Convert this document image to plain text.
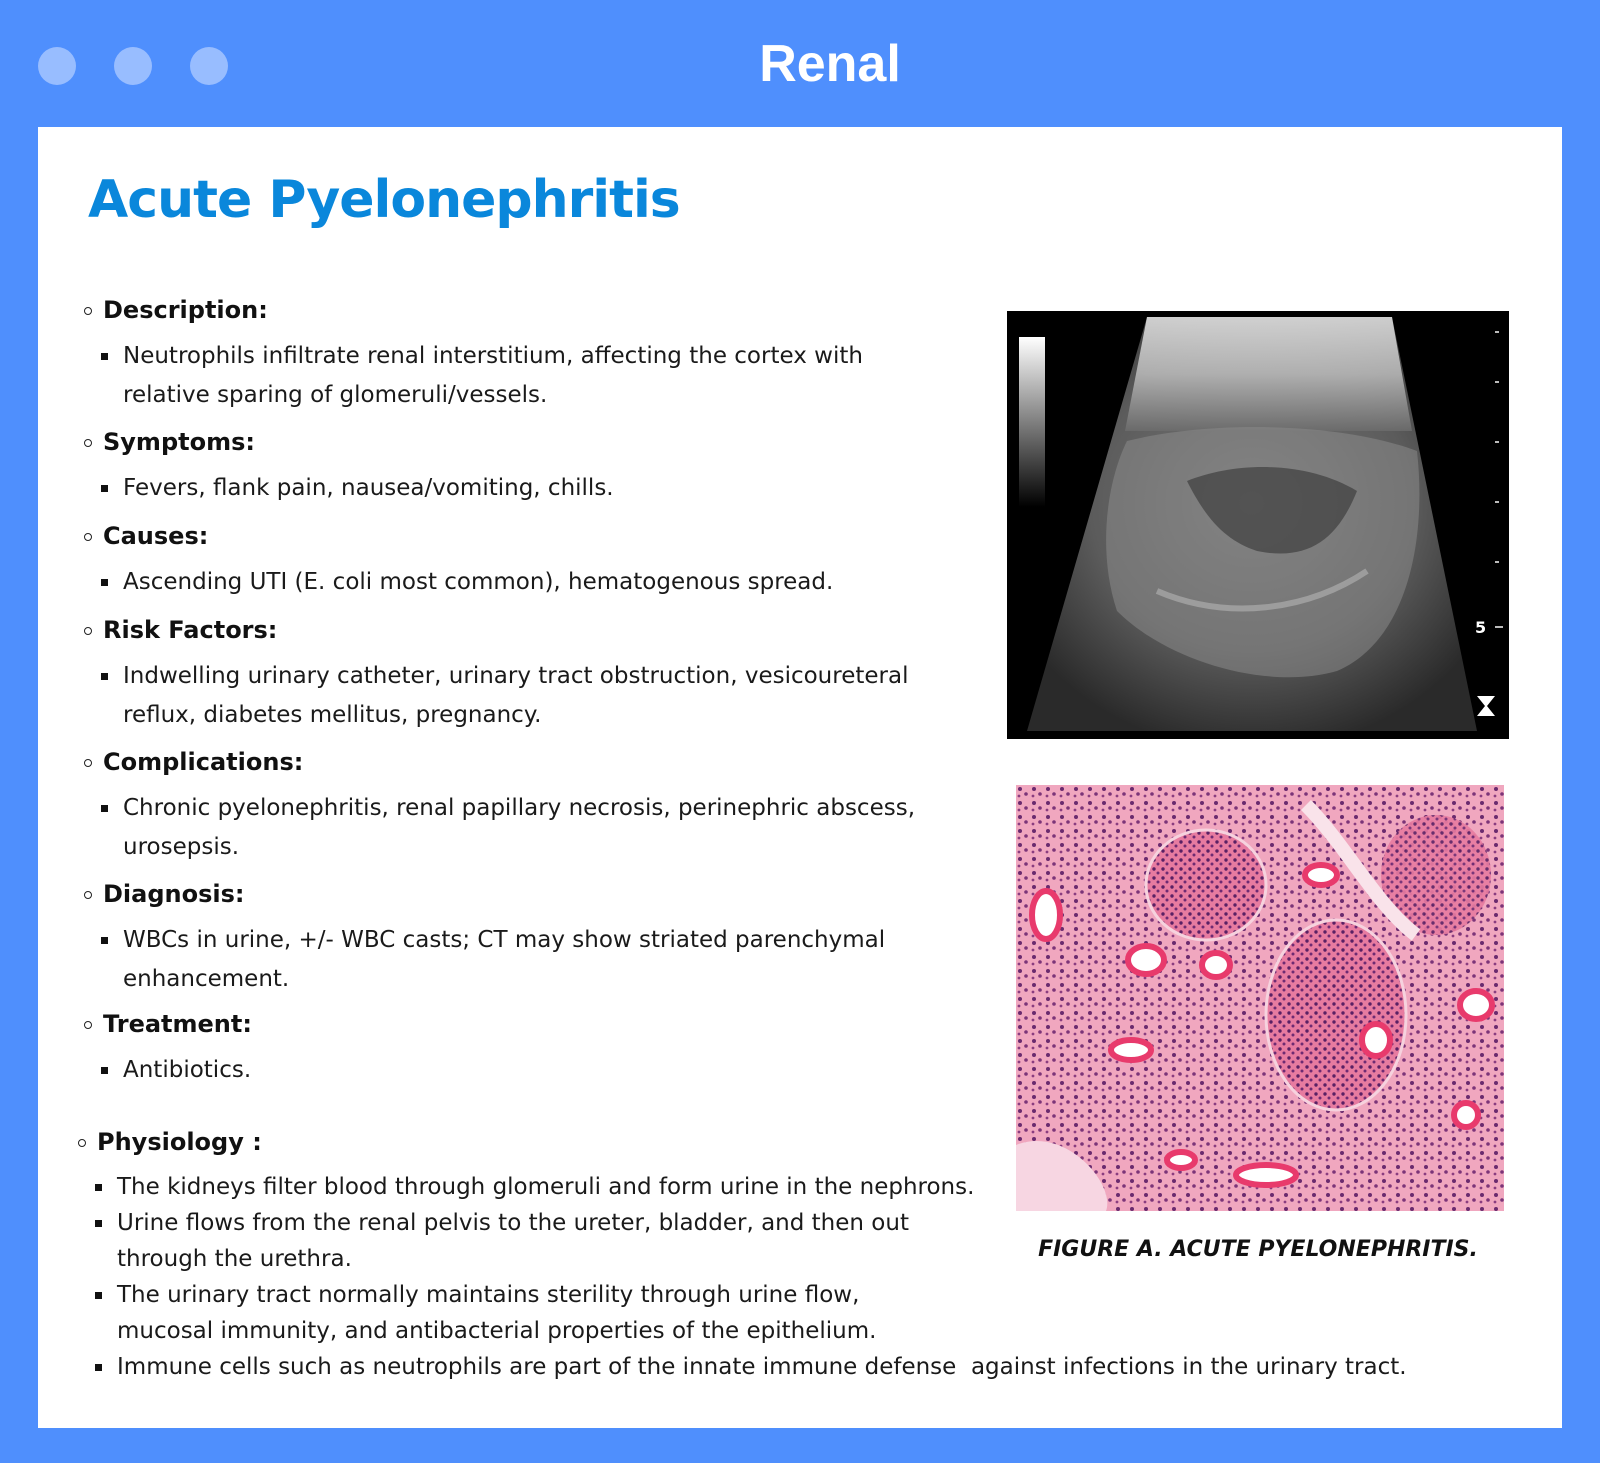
Renal
Acute Pyelonephritis
Description:
Neutrophils infiltrate renal interstitium, affecting the cortex with relative sparing of glomeruli/vessels.
Symptoms:
Fevers, flank pain, nausea/vomiting, chills.
Causes:
Ascending UTI (E. coli most common), hematogenous spread.
Risk Factors:
Indwelling urinary catheter, urinary tract obstruction, vesicoureteral reflux, diabetes mellitus, pregnancy.
Complications:
Chronic pyelonephritis, renal papillary necrosis, perinephric abscess, urosepsis.
Diagnosis:
WBCs in urine, +/- WBC casts; CT may show striated parenchymal enhancement.
Treatment:
Antibiotics.
Physiology :
The kidneys filter blood through glomeruli and form urine in the nephrons.
Urine flows from the renal pelvis to the ureter, bladder, and then out through the urethra.
The urinary tract normally maintains sterility through urine flow, mucosal immunity, and antibacterial properties of the epithelium.
Immune cells such as neutrophils are part of the innate immune defense  against infections in the urinary tract.
5
FIGURE A. ACUTE PYELONEPHRITIS.
